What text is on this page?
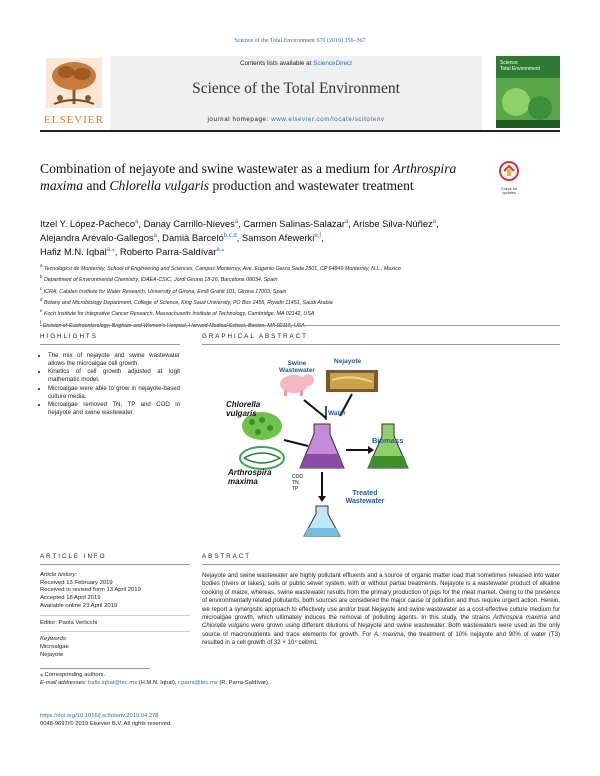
Science of the Total Environment 676 (2019) 356–367
Contents lists available at ScienceDirect
Science of the Total Environment
journal homepage: www.elsevier.com/locate/scitotenv
ELSEVIER
Science
Total Environment
Combination of nejayote and swine wastewater as a medium for Arthrospira maxima and Chlorella vulgaris production and wastewater treatment	Check for updates
Itzel Y. López-Pacheco$^a$, Danay Carrillo-Nieves$^a$, Carmen Salinas-Salazar$^a$, Arisbe Silva-Núñez$^a$,
Alejandra Arévalo-Gallegos$^a$, Damià Barceló$^{b,c,d}$, Samson Afewerki$^{e,f}$,
Hafiz M.N. Iqbal$^{a,⁎}$, Roberto Parra-Saldívar$^{a,⁎}$
$^a$ Tecnologico de Monterrey, School of Engineering and Sciences, Campus Monterrey, Ave. Eugenio Garza Sada 2501, CP 64849 Monterrey, N.L., Mexico
$^b$ Department of Environmental Chemistry, IDAEA-CSIC, Jordi Girona 18-26, Barcelona 08034, Spain
$^c$ ICRA, Catalan Institute for Water Research, University of Girona, Emili Grahit 101, Girona 17003, Spain
$^d$ Botany and Microbiology Department, College of Science, King Saud University, PO Box 2455, Riyadh 11451, Saudi Arabia
$^e$ Koch Institute for Integrative Cancer Research, Massachusetts Institute of Technology, Cambridge, MA 02142, USA
$^f$
HIGHLIGHTS
• The mix of nejayote and swine wastewater allows the microalgae cell growth.
• Kinetics of cell growth adjusted at logit mathematic model.
• Microalgae were able to grow in nejayote-based culture media.
• Microalgae removed TN, TP and COD in nejayote and swine wastewater.
GRAPHICAL ABSTRACT
Swine Wastewater
Nejayote
Water
Chlorella vulgaris
Arthrospira maxima
Biomass
COD
TN
TP
Treated Wastewater
ARTICLE INFO
Article history:
Received 13 February 2019
Received in revised form 13 April 2019
Accepted 18 April 2019
Available online 23 April 2019
Editor: Paola Verlicchi
Keywords:
Microalgae
Nejayote
ABSTRACT
Nejayote and swine wastewater are highly pollutant effluents and a source of organic matter load that sometimes released into water bodies (rivers or lakes), soils or public sewer system, with or without partial treatments. Nejayote is a wastewater product of alkaline cooking of maize, whereas, swine wastewater results from the primary production of pigs for the meat market. Owing to the presence of environmentally related pollutants, both sources are considered the major cause of pollution and thus require urgent action. Herein, we report a synergistic approach to effectively use and/or treat Nejayote and swine wastewater as a cost-effective culture medium for microalgae growth, which ultimately induces the removal of polluting agents. In this study, the strains Arthrospira maxima and Chlorella vulgaris were grown using different dilutions of Nejayote and swine wastewater. Both wastewaters were used as the only source of macronutrients and trace elements for growth. For A. maxima, the treatment of 10% nejayote and 90% of water (T3) resulted in a cell growth of 32 × 10⁴ cell/mL
⁎ Corresponding authors.
E-mail addresses: hafiz.iqbal@tec.mx (H.M.N. Iqbal), r.parra@tec.mx (R. Parra-Saldívar).
https://doi.org/10.1016/j.scitotenv.2019.04.278
0048-9697/© 2019 Elsevier B.V. All rights reserved.
